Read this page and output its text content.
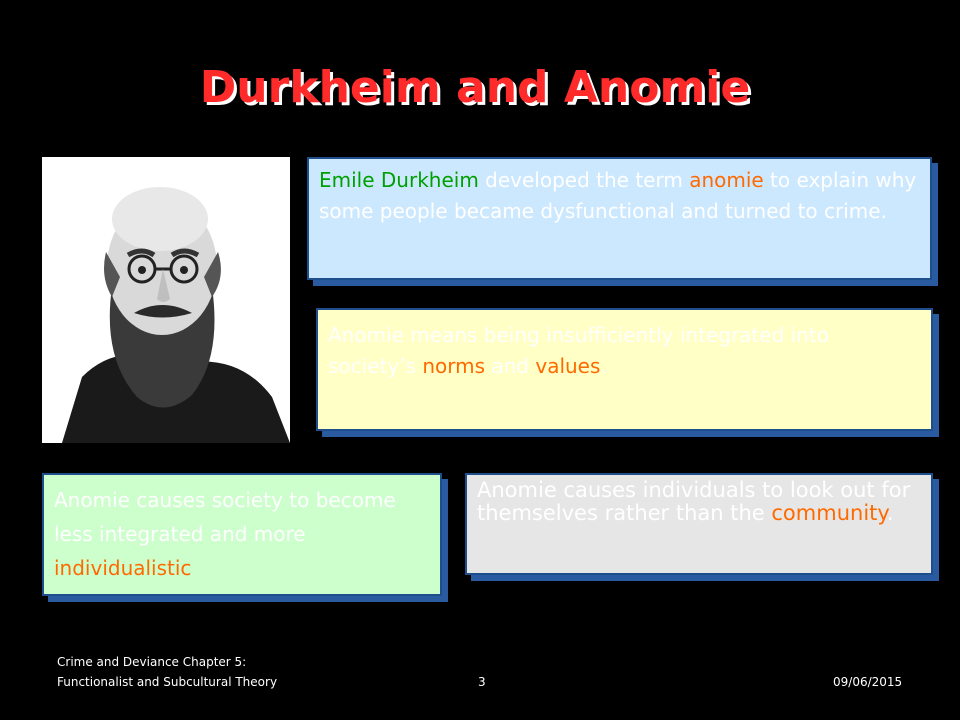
Durkheim and Anomie
Emile Durkheim developed the term anomie to explain why some people became dysfunctional and turned to crime.
Anomie means being insufficiently integrated into society’s norms and values.
Anomie causes society to become less integrated and more individualistic
Anomie causes individuals to look out for themselves rather than the community.
Crime and Deviance Chapter 5: Functionalist and Subcultural Theory	3	09/06/2015
